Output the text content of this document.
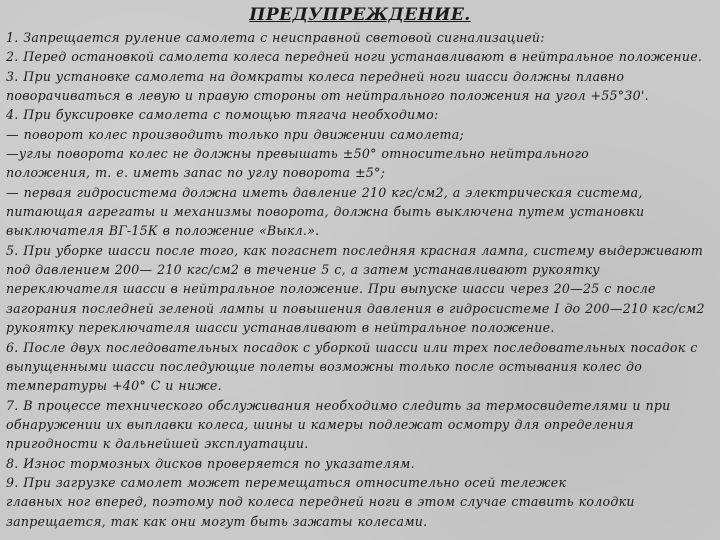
ПРЕДУПРЕЖДЕНИЕ.
1. Запрещается руление самолета с неисправной световой сигнализацией:
2. Перед остановкой самолета колеса передней ноги устанавливают в нейтральное положение.
3. При установке самолета на домкраты колеса передней ноги шасси должны плавно
поворачиваться в левую и правую стороны от нейтрального положения на угол +55°30'.
4. При буксировке самолета с помощью тягача необходимо:
— поворот колес производить только при движении самолета;
—углы поворота колес не должны превышать ±50° относительно нейтрального
положения, т. е. иметь запас по углу поворота ±5°;
— первая гидросистема должна иметь давление 210 кгс/см2, а электрическая система,
питающая агрегаты и механизмы поворота, должна быть выключена путем установки
выключателя ВГ-15К в положение «Выкл.».
5. При уборке шасси после того, как погаснет последняя красная лампа, систему выдерживают
под давлением 200— 210 кгс/см2 в течение 5 с, а затем устанавливают рукоятку
переключателя шасси в нейтральное положение. При выпуске шасси через 20—25 с после
загорания последней зеленой лампы и повышения давления в гидросистеме I до 200—210 кгс/см2
рукоятку переключателя шасси устанавливают в нейтральное положение.
6. После двух последовательных посадок с уборкой шасси или трех последовательных посадок с
выпущенными шасси последующие полеты возможны только после остывания колес до
температуры +40° С и ниже.
7. В процессе технического обслуживания необходимо следить за термосвидетелями и при
обнаружении их выплавки колеса, шины и камеры подлежат осмотру для определения
пригодности к дальнейшей эксплуатации.
8. Износ тормозных дисков проверяется по указателям.
9. При загрузке самолет может перемещаться относительно осей тележек
главных ног вперед, поэтому под колеса передней ноги в этом случае ставить колодки
запрещается, так как они могут быть зажаты колесами.
